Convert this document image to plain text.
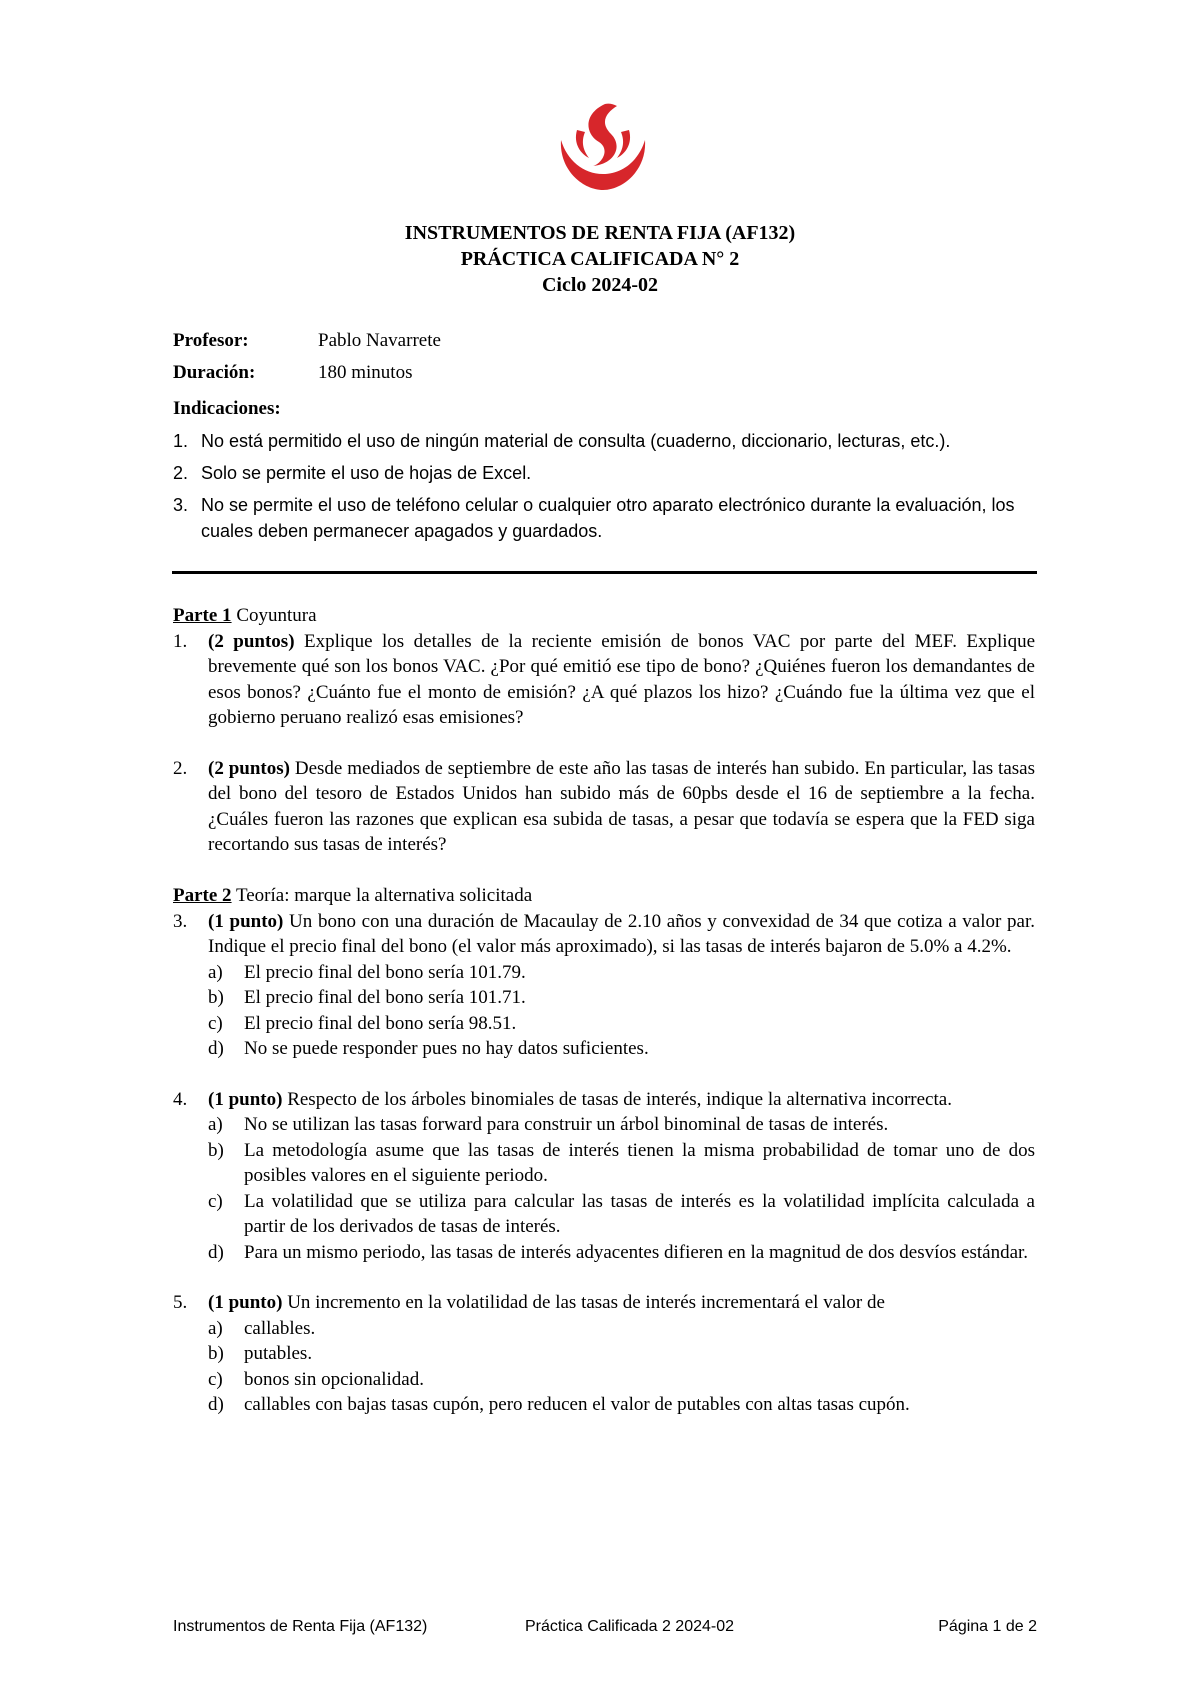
INSTRUMENTOS DE RENTA FIJA (AF132)
PRÁCTICA CALIFICADA N° 2
Ciclo 2024-02
Profesor:	Pablo Navarrete
Duración:	180 minutos
Indicaciones:
1. No está permitido el uso de ningún material de consulta (cuaderno, diccionario, lecturas, etc.).
2. Solo se permite el uso de hojas de Excel.
3. No se permite el uso de teléfono celular o cualquier otro aparato electrónico durante la evaluación, los cuales deben permanecer apagados y guardados.
Parte 1 Coyuntura
1.	(2 puntos) Explique los detalles de la reciente emisión de bonos VAC por parte del MEF. Explique brevemente qué son los bonos VAC. ¿Por qué emitió ese tipo de bono? ¿Quiénes fueron los demandantes de esos bonos? ¿Cuánto fue el monto de emisión? ¿A qué plazos los hizo? ¿Cuándo fue la última vez que el gobierno peruano realizó esas emisiones?
2.	(2 puntos) Desde mediados de septiembre de este año las tasas de interés han subido. En particular, las tasas del bono del tesoro de Estados Unidos han subido más de 60pbs desde el 16 de septiembre a la fecha. ¿Cuáles fueron las razones que explican esa subida de tasas, a pesar que todavía se espera que la FED siga recortando sus tasas de interés?
Parte 2 Teoría: marque la alternativa solicitada
3.	(1 punto) Un bono con una duración de Macaulay de 2.10 años y convexidad de 34 que cotiza a valor par. Indique el precio final del bono (el valor más aproximado), si las tasas de interés bajaron de 5.0% a 4.2%.
a)	El precio final del bono sería 101.79.
b)	El precio final del bono sería 101.71.
c)	El precio final del bono sería 98.51.
d)	No se puede responder pues no hay datos suficientes.
4.	(1 punto) Respecto de los árboles binomiales de tasas de interés, indique la alternativa incorrecta.
a)	No se utilizan las tasas forward para construir un árbol binominal de tasas de interés.
b)	La metodología asume que las tasas de interés tienen la misma probabilidad de tomar uno de dos posibles valores en el siguiente periodo.
c)	La volatilidad que se utiliza para calcular las tasas de interés es la volatilidad implícita calculada a partir de los derivados de tasas de interés.
d)	Para un mismo periodo, las tasas de interés adyacentes difieren en la magnitud de dos desvíos estándar.
5.	(1 punto) Un incremento en la volatilidad de las tasas de interés incrementará el valor de
a)	callables.
b)	putables.
c)	bonos sin opcionalidad.
d)	callables con bajas tasas cupón, pero reducen el valor de putables con altas tasas cupón.
Instrumentos de Renta Fija (AF132)	Práctica Calificada 2 2024-02	Página 1 de 2
